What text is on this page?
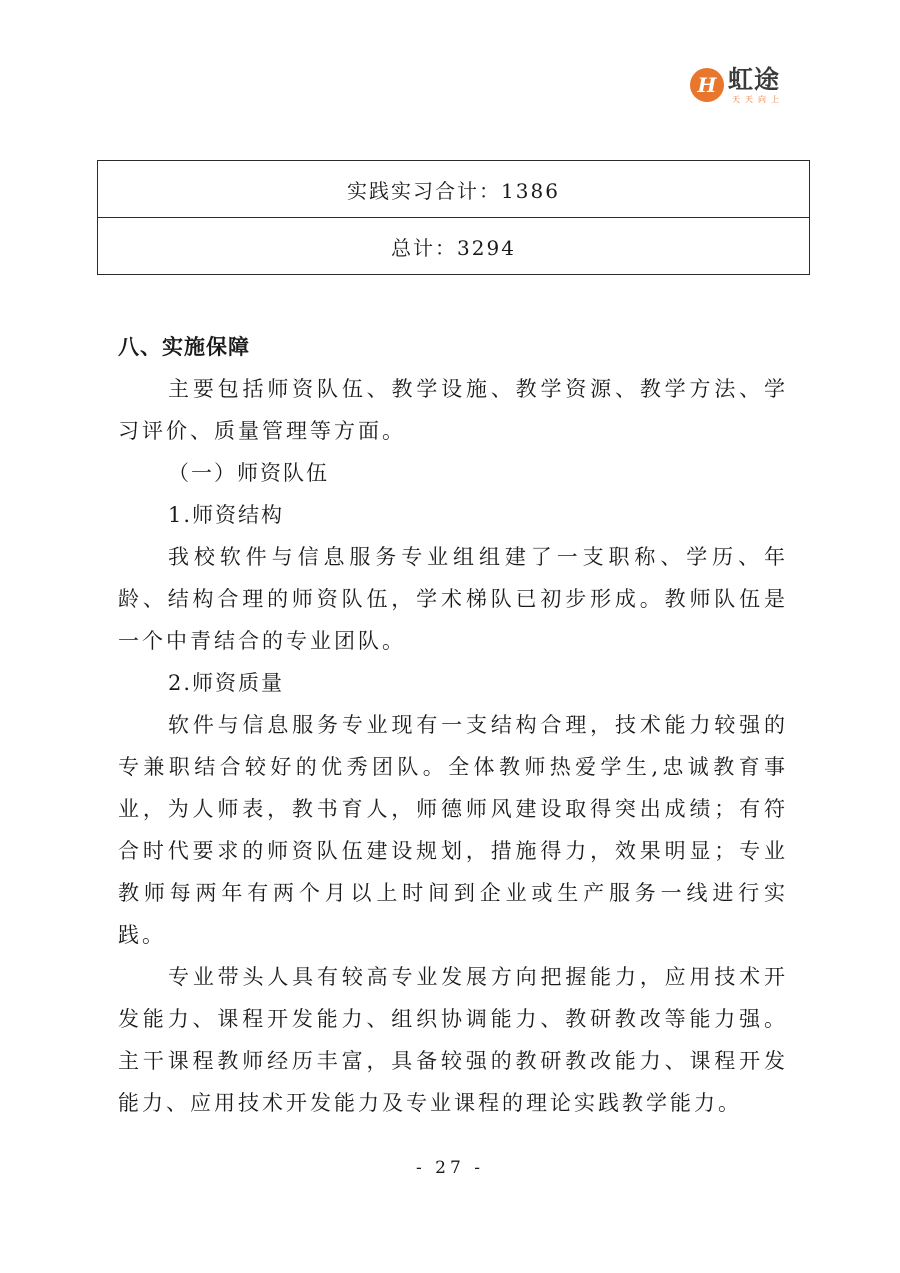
H 虹途
天天向上
实践实习合计：1386
总计：3294

八、实施保障

主要包括师资队伍、教学设施、教学资源、教学方法、学习评价、质量管理等方面。

（一）师资队伍

1.师资结构

我校软件与信息服务专业组组建了一支职称、学历、年龄、结构合理的师资队伍，学术梯队已初步形成。教师队伍是一个中青结合的专业团队。

2.师资质量

软件与信息服务专业现有一支结构合理，技术能力较强的专兼职结合较好的优秀团队。全体教师热爱学生,忠诚教育事业，为人师表，教书育人，师德师风建设取得突出成绩；有符合时代要求的师资队伍建设规划，措施得力，效果明显；专业教师每两年有两个月以上时间到企业或生产服务一线进行实践。

专业带头人具有较高专业发展方向把握能力，应用技术开发能力、课程开发能力、组织协调能力、教研教改等能力强。主干课程教师经历丰富，具备较强的教研教改能力、课程开发能力、应用技术开发能力及专业课程的理论实践教学能力。

- 27 -
